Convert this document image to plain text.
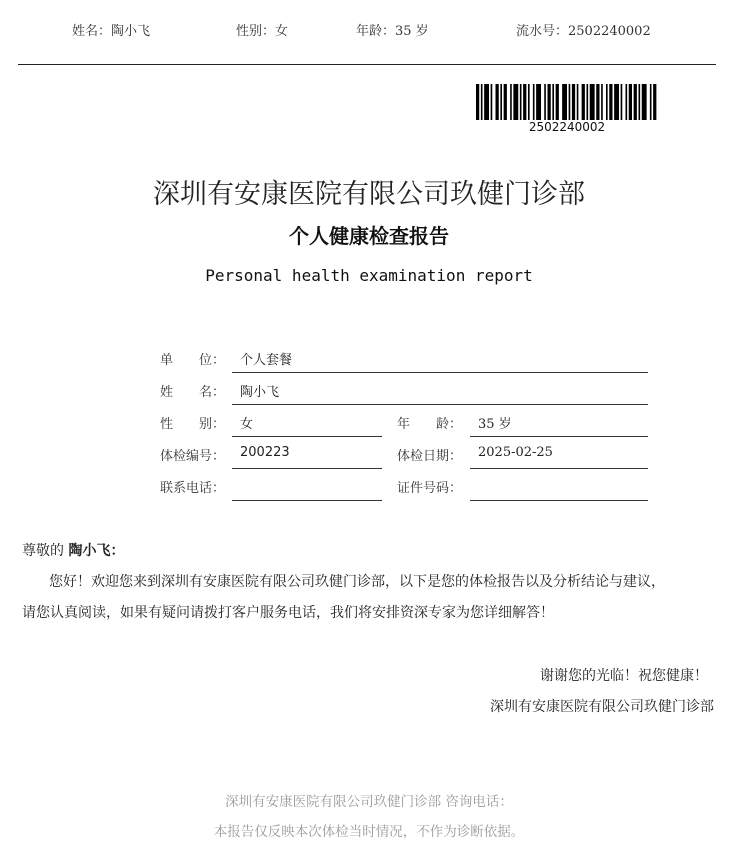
姓名：陶小飞	性别：女	年龄：35 岁	流水号：2502240002
2502240002
深圳有安康医院有限公司玖健门诊部
个人健康检查报告
Personal health examination report
单　　位： 个人套餐
姓　　名： 陶小飞
性　　别： 女	年　　龄： 35 岁
体检编号： 200223	体检日期： 2025-02-25
联系电话：	证件号码：
尊敬的 陶小飞：
您好！欢迎您来到深圳有安康医院有限公司玖健门诊部，以下是您的体检报告以及分析结论与建议，
请您认真阅读，如果有疑问请拨打客户服务电话，我们将安排资深专家为您详细解答！
谢谢您的光临！祝您健康！
深圳有安康医院有限公司玖健门诊部
深圳有安康医院有限公司玖健门诊部 咨询电话：
本报告仅反映本次体检当时情况，不作为诊断依据。
